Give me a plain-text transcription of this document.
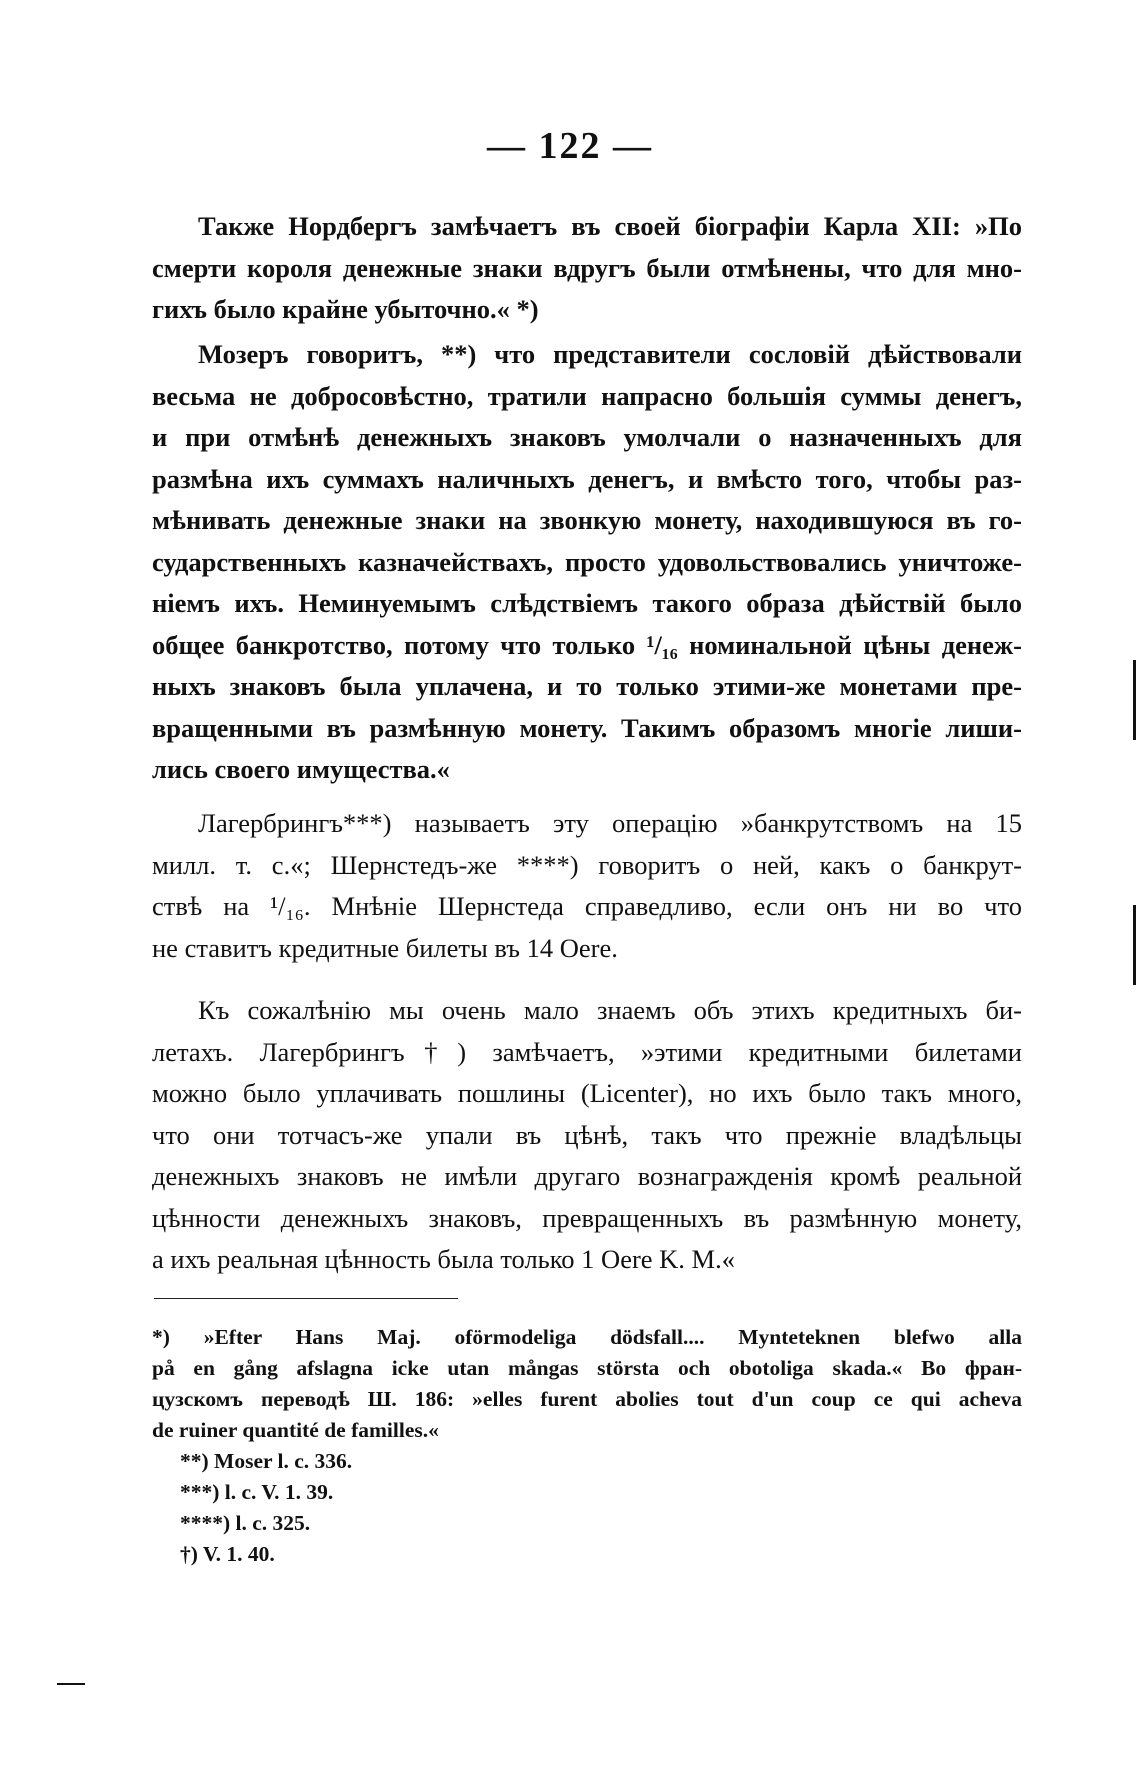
— 122 —
Также Нордбергъ замѣчаетъ въ своей біографіи Карла XII: »По
смерти короля денежные знаки вдругъ были отмѣнены, что для мно-
гихъ было крайне убыточно.« *)
Мозеръ говоритъ, **) что представители сословій дѣйствовали
весьма не добросовѣстно, тратили напрасно большія суммы денегъ,
и при отмѣнѣ денежныхъ знаковъ умолчали о назначенныхъ для
размѣна ихъ суммахъ наличныхъ денегъ, и вмѣсто того, чтобы раз-
мѣнивать денежные знаки на звонкую монету, находившуюся въ го-
сударственныхъ казначействахъ, просто удовольствовались уничтоже-
ніемъ ихъ. Неминуемымъ слѣдствіемъ такого образа дѣйствій было
общее банкротство, потому что только ¹/₁₆ номинальной цѣны денеж-
ныхъ знаковъ была уплачена, и то только этими-же монетами пре-
вращенными въ размѣнную монету. Такимъ образомъ многіе лиши-
лись своего имущества.«
Лагербрингъ***) называетъ эту операцію »банкрутствомъ на 15
милл. т. с.«; Шернстедъ-же ****) говоритъ о ней, какъ о банкрут-
ствѣ на ¹/₁₆. Мнѣніе Шернстеда справедливо, если онъ ни во что
не ставитъ кредитные билеты въ 14 Oere.
Къ сожалѣнію мы очень мало знаемъ объ этихъ кредитныхъ би-
летахъ. Лагербрингъ†) замѣчаетъ, »этими кредитными билетами
можно было уплачивать пошлины (Licenter), но ихъ было такъ много,
что они тотчасъ-же упали въ цѣнѣ, такъ что прежніе владѣльцы
денежныхъ знаковъ не имѣли другаго вознагражденія кромѣ реальной
цѣнности денежныхъ знаковъ, превращенныхъ въ размѣнную монету,
а ихъ реальная цѣнность была только 1 Oere K. M.«
*) »Efter Hans Maj. oförmodeliga dödsfall.... Mynteteknen blefwo alla
på en gång afslagna icke utan mångas största och obotoliga skada.« Во фран-
цузскомъ переводѣ Ш. 186: »elles furent abolies tout d'un coup ce qui acheva
de ruiner quantité de familles.«
**) Moser l. c. 336.
***) l. c. V. 1. 39.
****) l. c. 325.
†) V. 1. 40.
